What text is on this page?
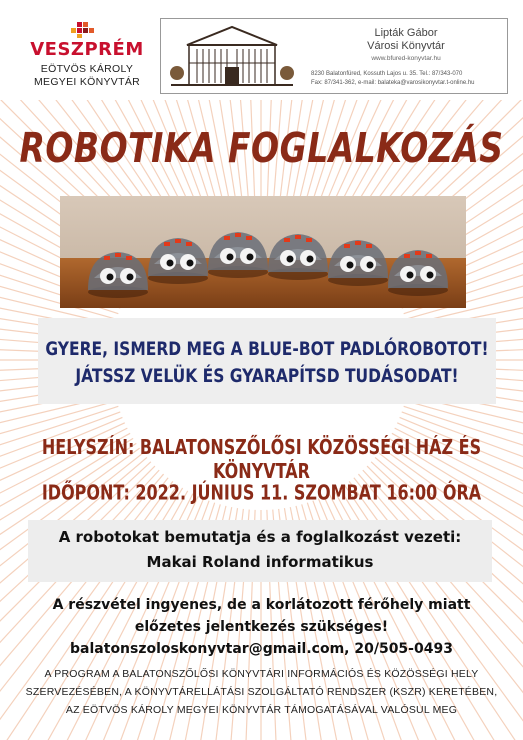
VESZPRÉM
EÖTVÖS KÁROLY
MEGYEI KÖNYVTÁR
Lipták Gábor
Városi Könyvtár
www.bfured-konyvtar.hu
8230 Balatonfüred, Kossuth Lajos u. 35. Tel.: 87/343-070
Fax: 87/341-362, e-mail: balateka@varosikonyvtar.t-online.hu
ROBOTIKA FOGLALKOZÁS
GYERE, ISMERD MEG A BLUE-BOT PADLÓROBOTOT!
JÁTSSZ VELÜK ÉS GYARAPÍTSD TUDÁSODAT!
HELYSZÍN: BALATONSZŐLŐSI KÖZÖSSÉGI HÁZ ÉS KÖNYVTÁR
IDŐPONT: 2022. JÚNIUS 11. SZOMBAT 16:00 ÓRA
A robotokat bemutatja és a foglalkozást vezeti:
Makai Roland informatikus
A részvétel ingyenes, de a korlátozott férőhely miatt
előzetes jelentkezés szükséges!
balatonszoloskonyvtar@gmail.com, 20/505-0493
A PROGRAM A BALATONSZŐLŐSI KÖNYVTÁRI INFORMÁCIÓS ÉS KÖZÖSSÉGI HELY
SZERVEZÉSÉBEN, A KÖNYVTÁRELLÁTÁSI SZOLGÁLTATÓ RENDSZER (KSZR) KERETÉBEN,
AZ EÖTVÖS KÁROLY MEGYEI KÖNYVTÁR TÁMOGATÁSÁVAL VALÓSUL MEG
